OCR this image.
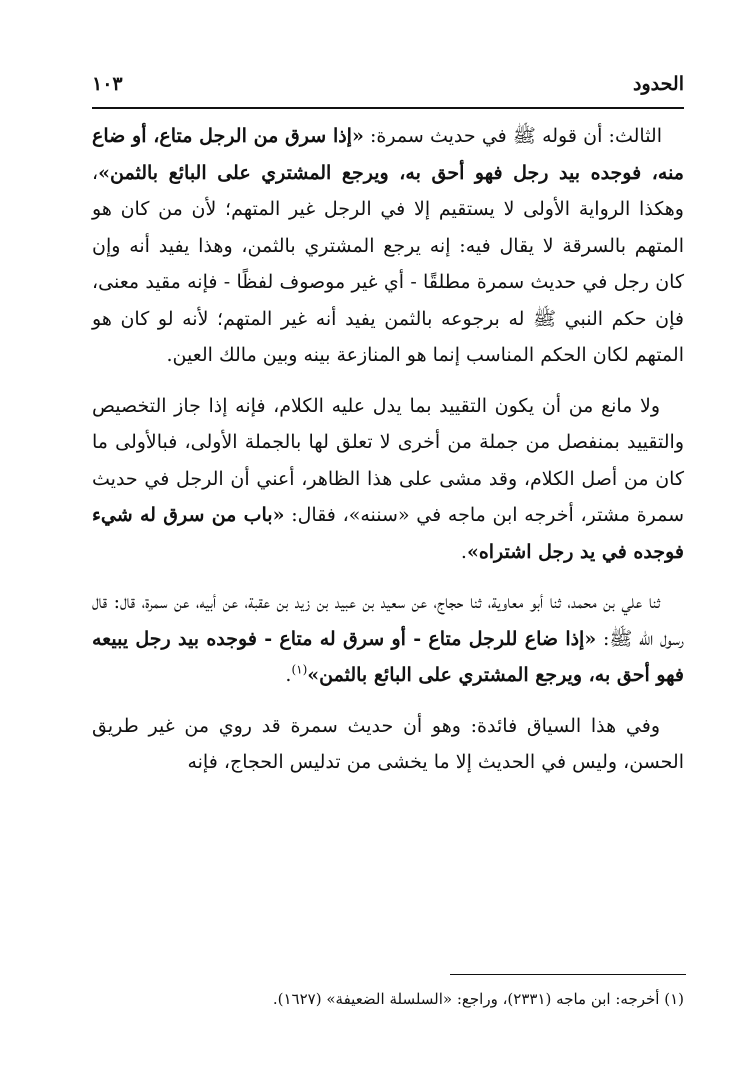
الحدود
١٠٣

الثالث: أن قوله ﷺ في حديث سمرة: «إذا سرق من الرجل متاع، أو ضاع منه، فوجده بيد رجل فهو أحق به، ويرجع المشتري على البائع بالثمن»، وهكذا الرواية الأولى لا يستقيم إلا في الرجل غير المتهم؛ لأن من كان هو المتهم بالسرقة لا يقال فيه: إنه يرجع المشتري بالثمن، وهذا يفيد أنه وإن كان رجل في حديث سمرة مطلقًا - أي غير موصوف لفظًا - فإنه مقيد معنى، فإن حكم النبي ﷺ له برجوعه بالثمن يفيد أنه غير المتهم؛ لأنه لو كان هو المتهم لكان الحكم المناسب إنما هو المنازعة بينه وبين مالك العين.

ولا مانع من أن يكون التقييد بما يدل عليه الكلام، فإنه إذا جاز التخصيص والتقييد بمنفصل من جملة من أخرى لا تعلق لها بالجملة الأولى، فبالأولى ما كان من أصل الكلام، وقد مشى على هذا الظاهر، أعني أن الرجل في حديث سمرة مشتر، أخرجه ابن ماجه في «سننه»، فقال: «باب من سرق له شيء فوجده في يد رجل اشتراه».

ثنا علي بن محمد، ثنا أبو معاوية، ثنا حجاج، عن سعيد بن عبيد بن زيد بن عقبة، عن أبيه، عن سمرة، قال: قال رسول اللّٰه ﷺ: «إذا ضاع للرجل متاع - أو سرق له متاع - فوجده بيد رجل يبيعه فهو أحق به، ويرجع المشتري على البائع بالثمن»$^{(١)}$.

وفي هذا السياق فائدة: وهو أن حديث سمرة قد روي من غير طريق الحسن، وليس في الحديث إلا ما يخشى من تدليس الحجاج، فإنه

(١) أخرجه: ابن ماجه (٢٣٣١)، وراجع: «السلسلة الضعيفة» (١٦٢٧).
